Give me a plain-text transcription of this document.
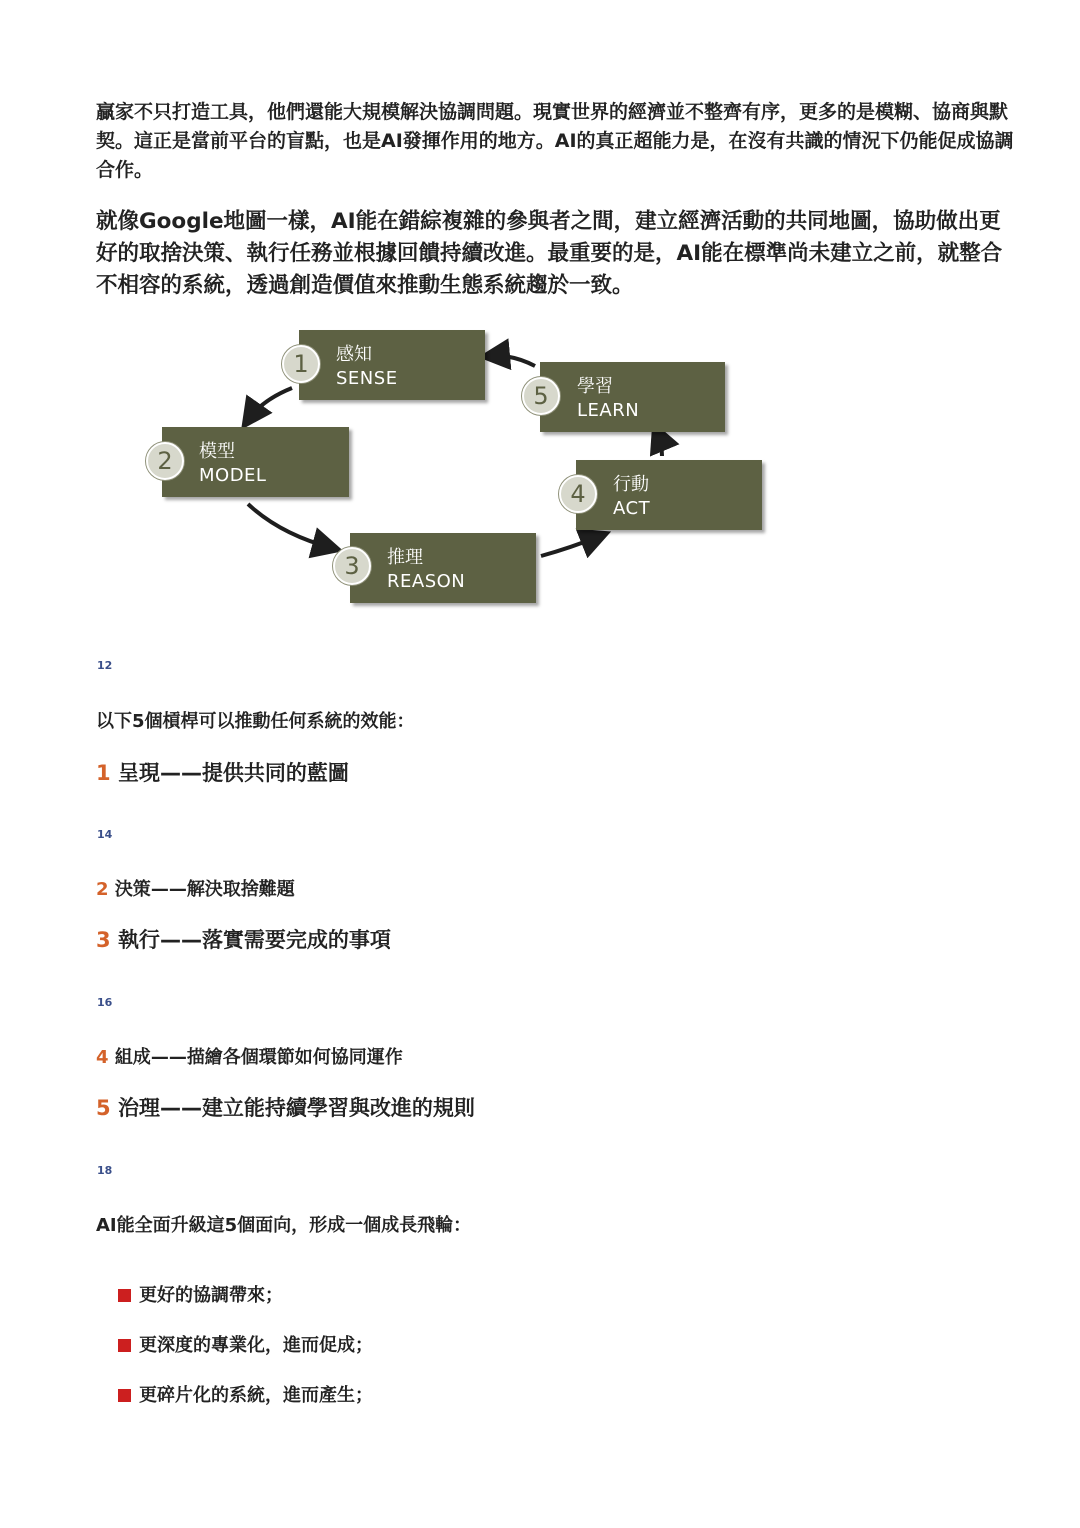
贏家不只打造工具，他們還能大規模解決協調問題。現實世界的經濟並不整齊有序，更多的是模糊、協商與默契。這正是當前平台的盲點，也是AI發揮作用的地方。AI的真正超能力是，在沒有共識的情況下仍能促成協調合作。
就像Google地圖一樣，AI能在錯綜複雜的參與者之間，建立經濟活動的共同地圖，協助做出更好的取捨決策、執行任務並根據回饋持續改進。最重要的是，AI能在標準尚未建立之前，就整合不相容的系統，透過創造價值來推動生態系統趨於一致。
感知
SENSE
1
模型
MODEL
2
推理
REASON
3
行動
ACT
4
學習
LEARN
5
12
以下5個槓桿可以推動任何系統的效能：
1 呈現——提供共同的藍圖
14
2 決策——解決取捨難題
3 執行——落實需要完成的事項
16
4 組成——描繪各個環節如何協同運作
5 治理——建立能持續學習與改進的規則
18
AI能全面升級這5個面向，形成一個成長飛輪：
更好的協調帶來；
更深度的專業化，進而促成；
更碎片化的系統，進而產生；
